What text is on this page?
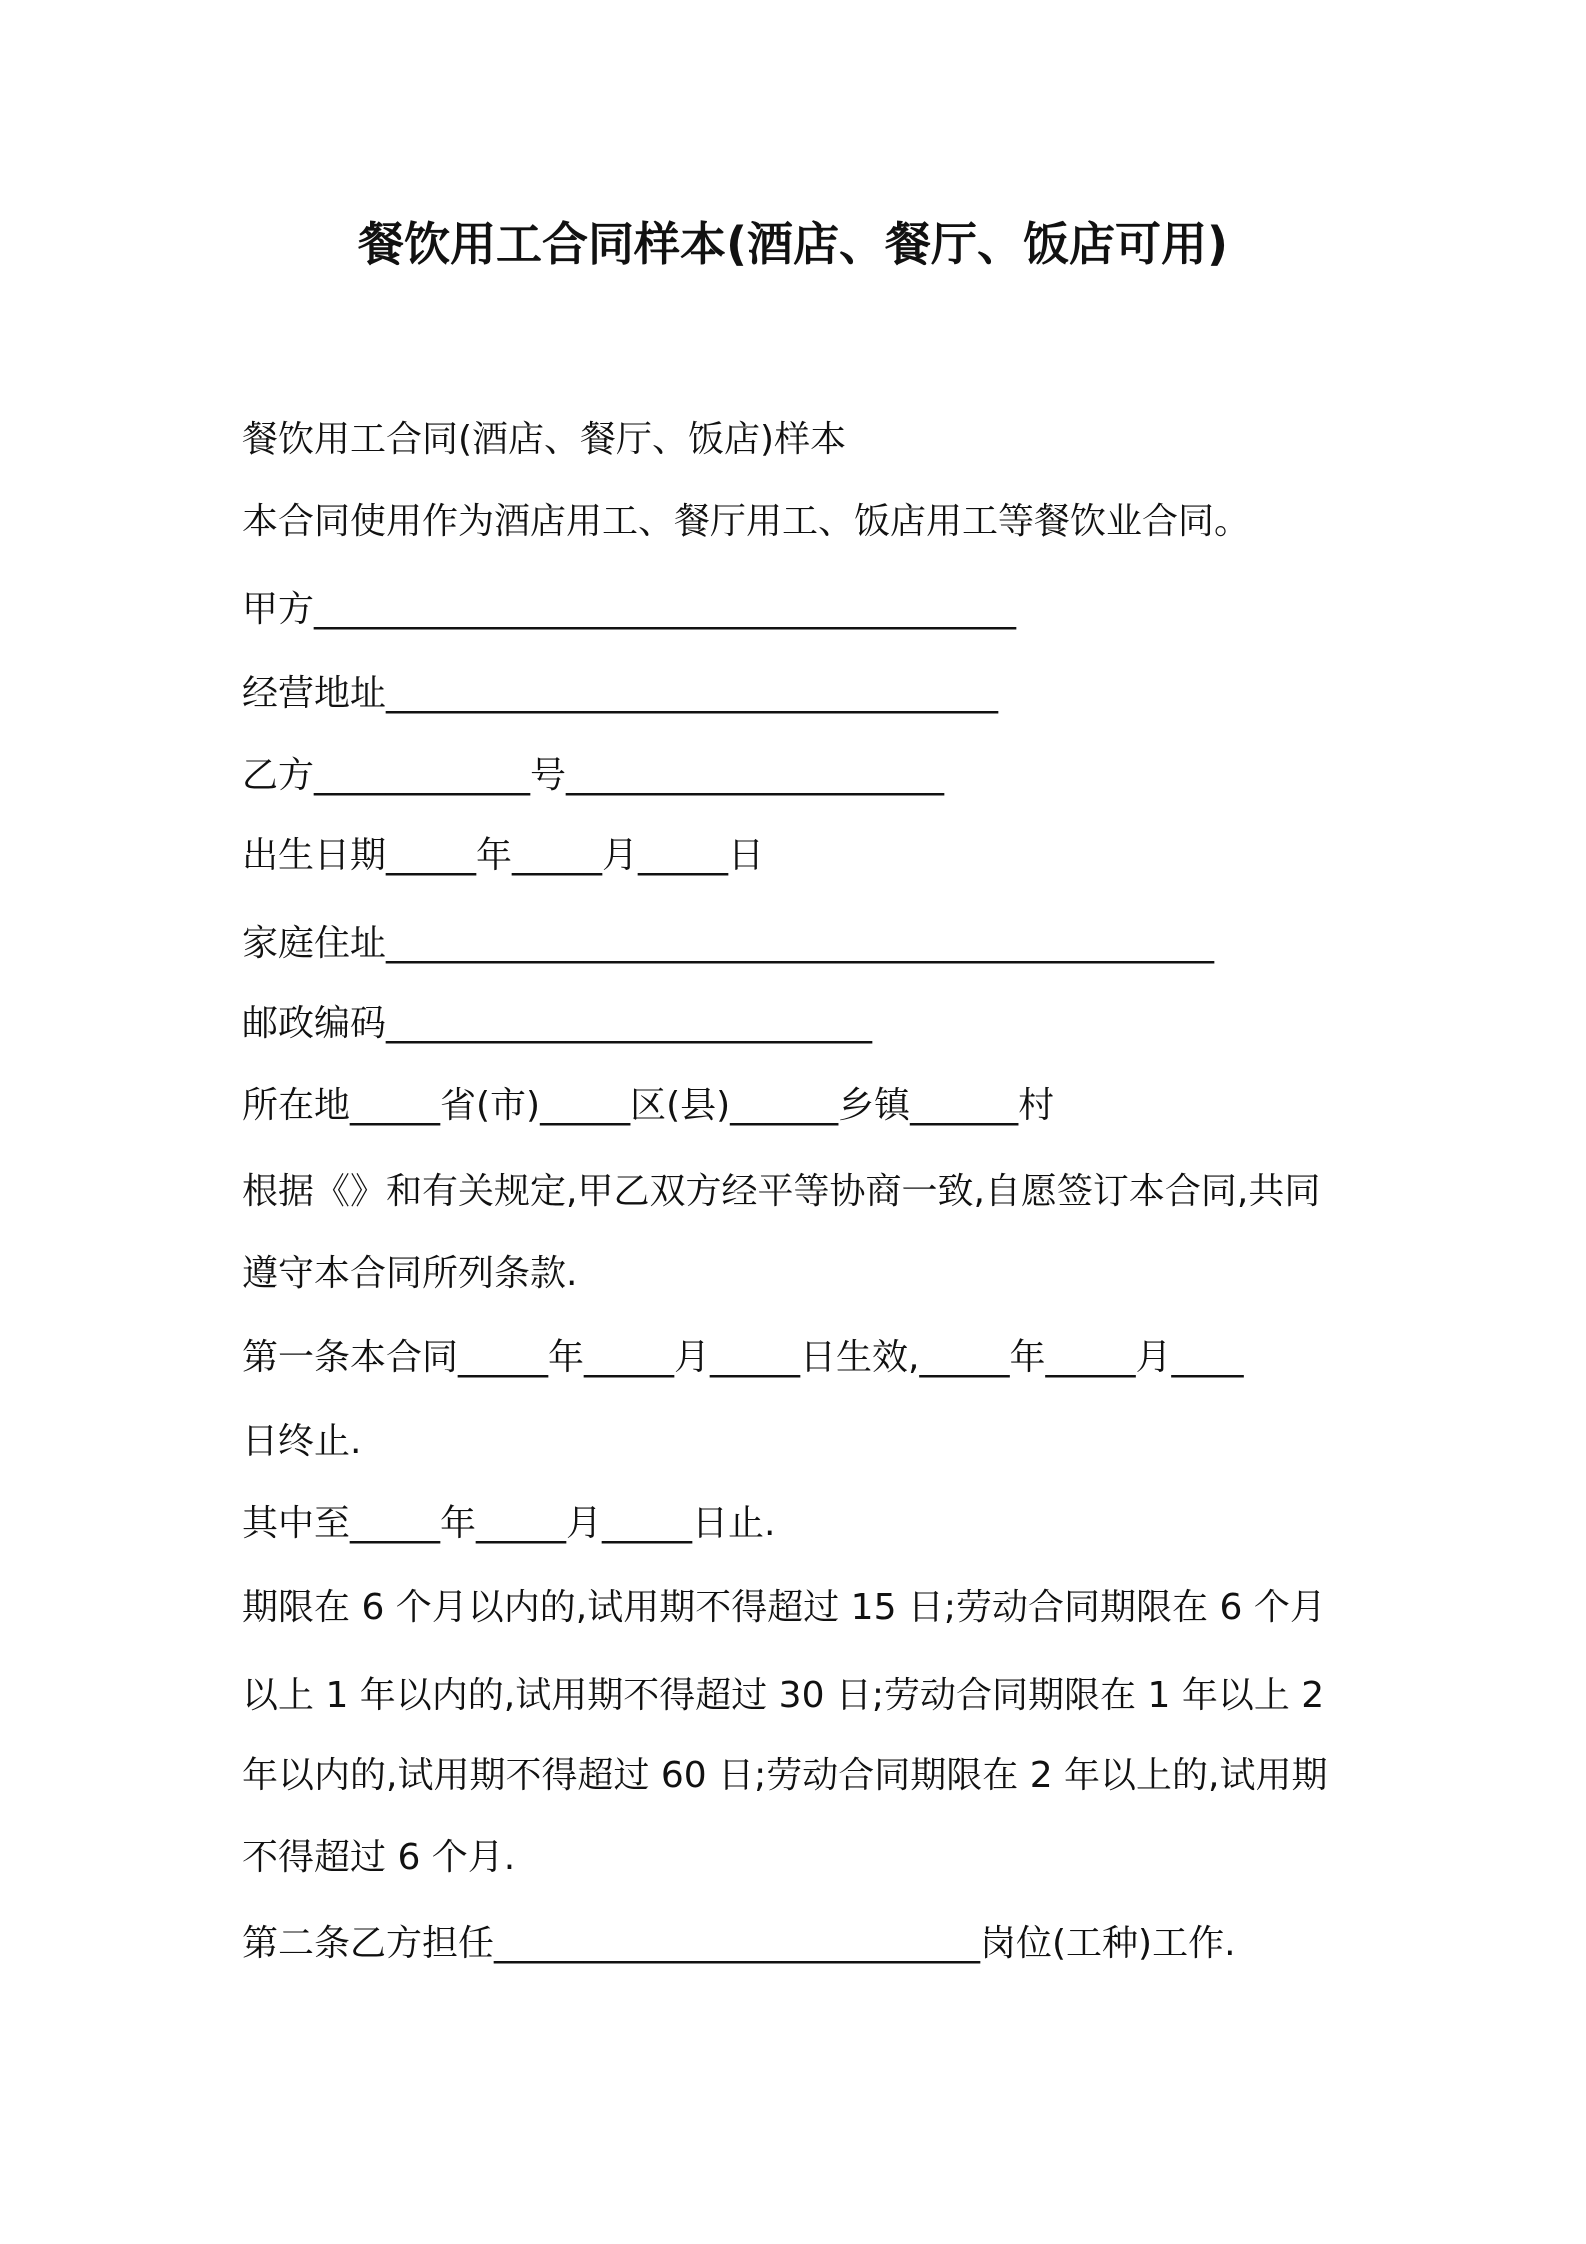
餐饮用工合同样本(酒店、餐厅、饭店可用)
餐饮用工合同(酒店、餐厅、饭店)样本
本合同使用作为酒店用工、餐厅用工、饭店用工等餐饮业合同。
甲方_______________________________________
经营地址__________________________________
乙方____________号_____________________
出生日期_____年_____月_____日
家庭住址______________________________________________
邮政编码___________________________
所在地_____省(市)_____区(县)______乡镇______村
根据《》和有关规定,甲乙双方经平等协商一致,自愿签订本合同,共同
遵守本合同所列条款.
第一条本合同_____年_____月_____日生效,_____年_____月____
日终止.
其中至_____年_____月_____日止.
期限在 6 个月以内的,试用期不得超过 15 日;劳动合同期限在 6 个月
以上 1 年以内的,试用期不得超过 30 日;劳动合同期限在 1 年以上 2
年以内的,试用期不得超过 60 日;劳动合同期限在 2 年以上的,试用期
不得超过 6 个月.
第二条乙方担任___________________________岗位(工种)工作.
